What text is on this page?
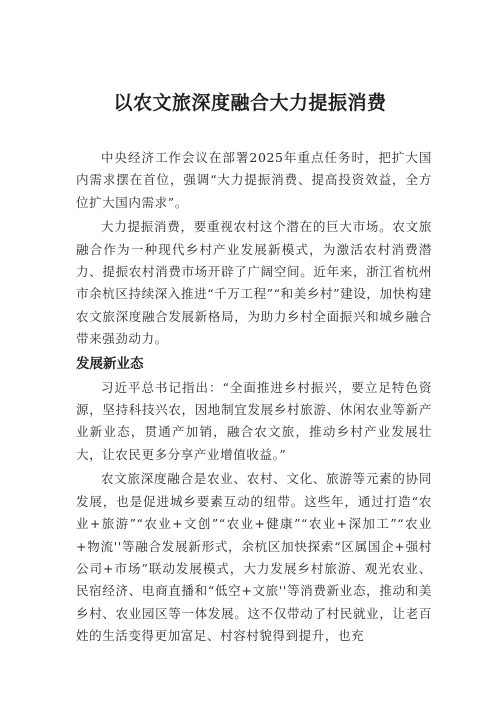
以农文旅深度融合大力提振消费

中央经济工作会议在部署2025年重点任务时，把扩大国内需求摆在首位，强调“大力提振消费、提高投资效益，全方位扩大国内需求”。

大力提振消费，要重视农村这个潜在的巨大市场。农文旅融合作为一种现代乡村产业发展新模式，为激活农村消费潜力、提振农村消费市场开辟了广阔空间。近年来，浙江省杭州市余杭区持续深入推进“千万工程”“和美乡村”建设，加快构建农文旅深度融合发展新格局，为助力乡村全面振兴和城乡融合带来强劲动力。

发展新业态

习近平总书记指出：“全面推进乡村振兴，要立足特色资源，坚持科技兴农，因地制宜发展乡村旅游、休闲农业等新产业新业态，贯通产加销，融合农文旅，推动乡村产业发展壮大，让农民更多分享产业增值收益。”

农文旅深度融合是农业、农村、文化、旅游等元素的协同发展，也是促进城乡要素互动的纽带。这些年，通过打造“农业+旅游”“农业+文创”“农业+健康”“农业+深加工”“农业+物流''等融合发展新形式，余杭区加快探索“区属国企+强村公司+市场”联动发展模式，大力发展乡村旅游、观光农业、民宿经济、电商直播和“低空+文旅''等消费新业态，推动和美乡村、农业园区等一体发展。这不仅带动了村民就业，让老百姓的生活变得更加富足、村容村貌得到提升，也充
